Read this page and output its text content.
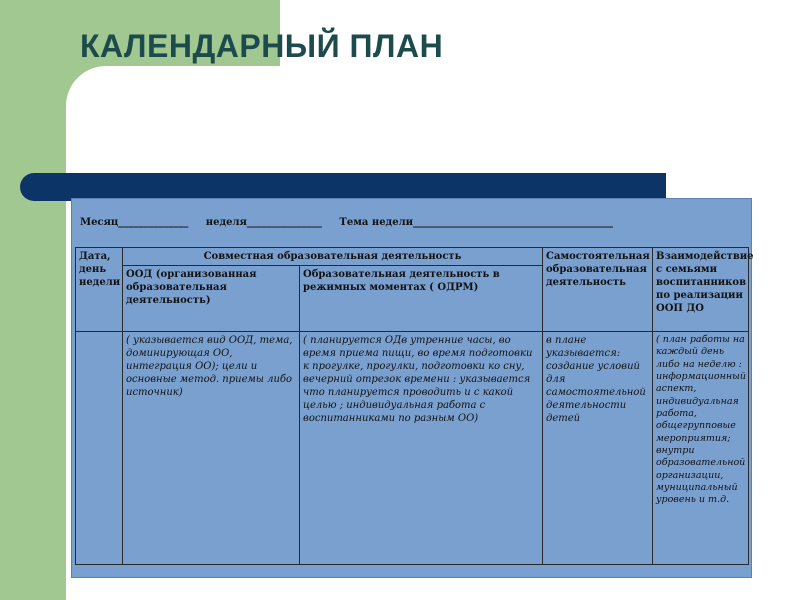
КАЛЕНДАРНЫЙ ПЛАН
Месяц______________ неделя_______________ Тема недели________________________________________
Дата, день недели	Совместная образовательная деятельность		Самостоятельная образовательная деятельность	Взаимодействие с семьями воспитанников по реализации ООП ДО
	ООД (организованная образовательная деятельность)	Образовательная деятельность в режимных моментах ( ОДРМ)		
	( указывается вид ООД, тема, доминирующая ОО, интеграция ОО); цели и основные метод. приемы либо источник)	( планируется ОДв утренние часы, во время приема пищи, во время подготовки к прогулке, прогулки, подготовки ко сну, вечерний отрезок времени : указывается что планируется проводить и с какой целью ; индивидуальная работа с воспитанниками по разным ОО)	в плане указывается: создание условий для самостоятельной деятельности детей	( план работы на каждый день либо на неделю : информационный аспект, индивидуальная работа, общегрупповые мероприятия; внутри образовательной организации, муниципальный уровень и т.д.
